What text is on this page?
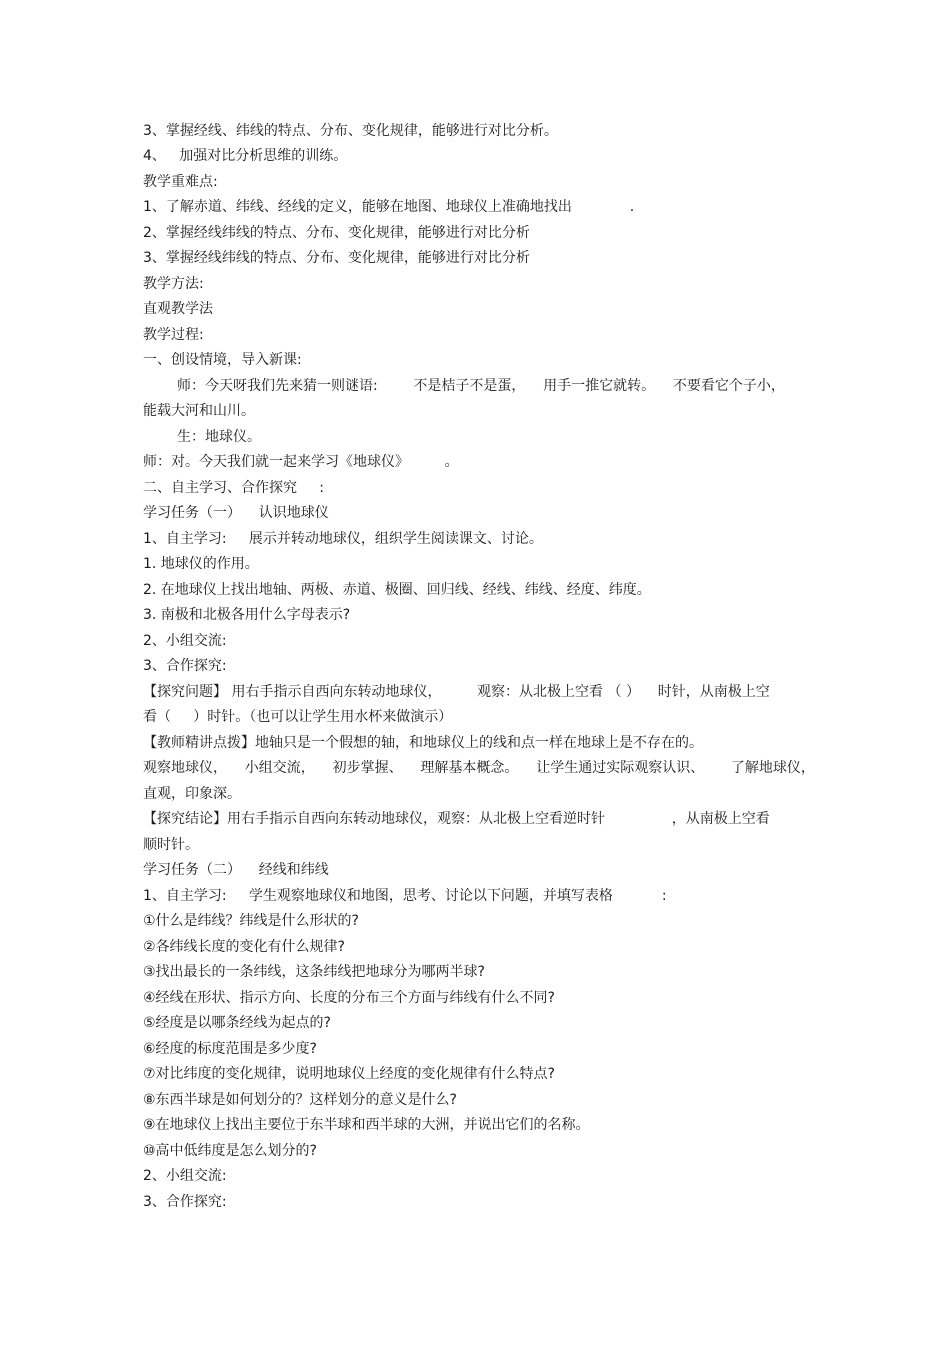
3、掌握经线、纬线的特点、分布、变化规律，能够进行对比分析。
4、   加强对比分析思维的训练。
教学重难点:
1、了解赤道、纬线、经线的定义，能够在地图、地球仪上准确地找出             .
2、掌握经线纬线的特点、分布、变化规律，能够进行对比分析
3、掌握经线纬线的特点、分布、变化规律，能够进行对比分析
教学方法:
直观教学法
教学过程:
一、创设情境，导入新课:
师：今天呀我们先来猜一则谜语:        不是桔子不是蛋，    用手一推它就转。    不要看它个子小，
能载大河和山川。
生：地球仪。
师：对。今天我们就一起来学习《地球仪》        。
二、自主学习、合作探究     :
学习任务（一）    认识地球仪
1、自主学习:     展示并转动地球仪，组织学生阅读课文、讨论。
1. 地球仪的作用。
2. 在地球仪上找出地轴、两极、赤道、极圈、回归线、经线、纬线、经度、纬度。
3. 南极和北极各用什么字母表示?
2、小组交流:
3、合作探究:
【探究问题】 用右手指示自西向东转动地球仪，        观察：从北极上空看 （ ）    时针，从南极上空
看（     ）时针。（也可以让学生用水杯来做演示）
【教师精讲点拨】地轴只是一个假想的轴，和地球仪上的线和点一样在地球上是不存在的。
观察地球仪，    小组交流，    初步掌握、    理解基本概念。    让学生通过实际观察认识、      了解地球仪，
直观，印象深。
【探究结论】用右手指示自西向东转动地球仪，观察：从北极上空看逆时针               ，从南极上空看
顺时针。
学习任务（二）    经线和纬线
1、自主学习:     学生观察地球仪和地图，思考、讨论以下问题，并填写表格           :
①什么是纬线？纬线是什么形状的?
②各纬线长度的变化有什么规律?
③找出最长的一条纬线，这条纬线把地球分为哪两半球?
④经线在形状、指示方向、长度的分布三个方面与纬线有什么不同?
⑤经度是以哪条经线为起点的?
⑥经度的标度范围是多少度?
⑦对比纬度的变化规律，说明地球仪上经度的变化规律有什么特点?
⑧东西半球是如何划分的？这样划分的意义是什么?
⑨在地球仪上找出主要位于东半球和西半球的大洲，并说出它们的名称。
⑩高中低纬度是怎么划分的?
2、小组交流:
3、合作探究:
